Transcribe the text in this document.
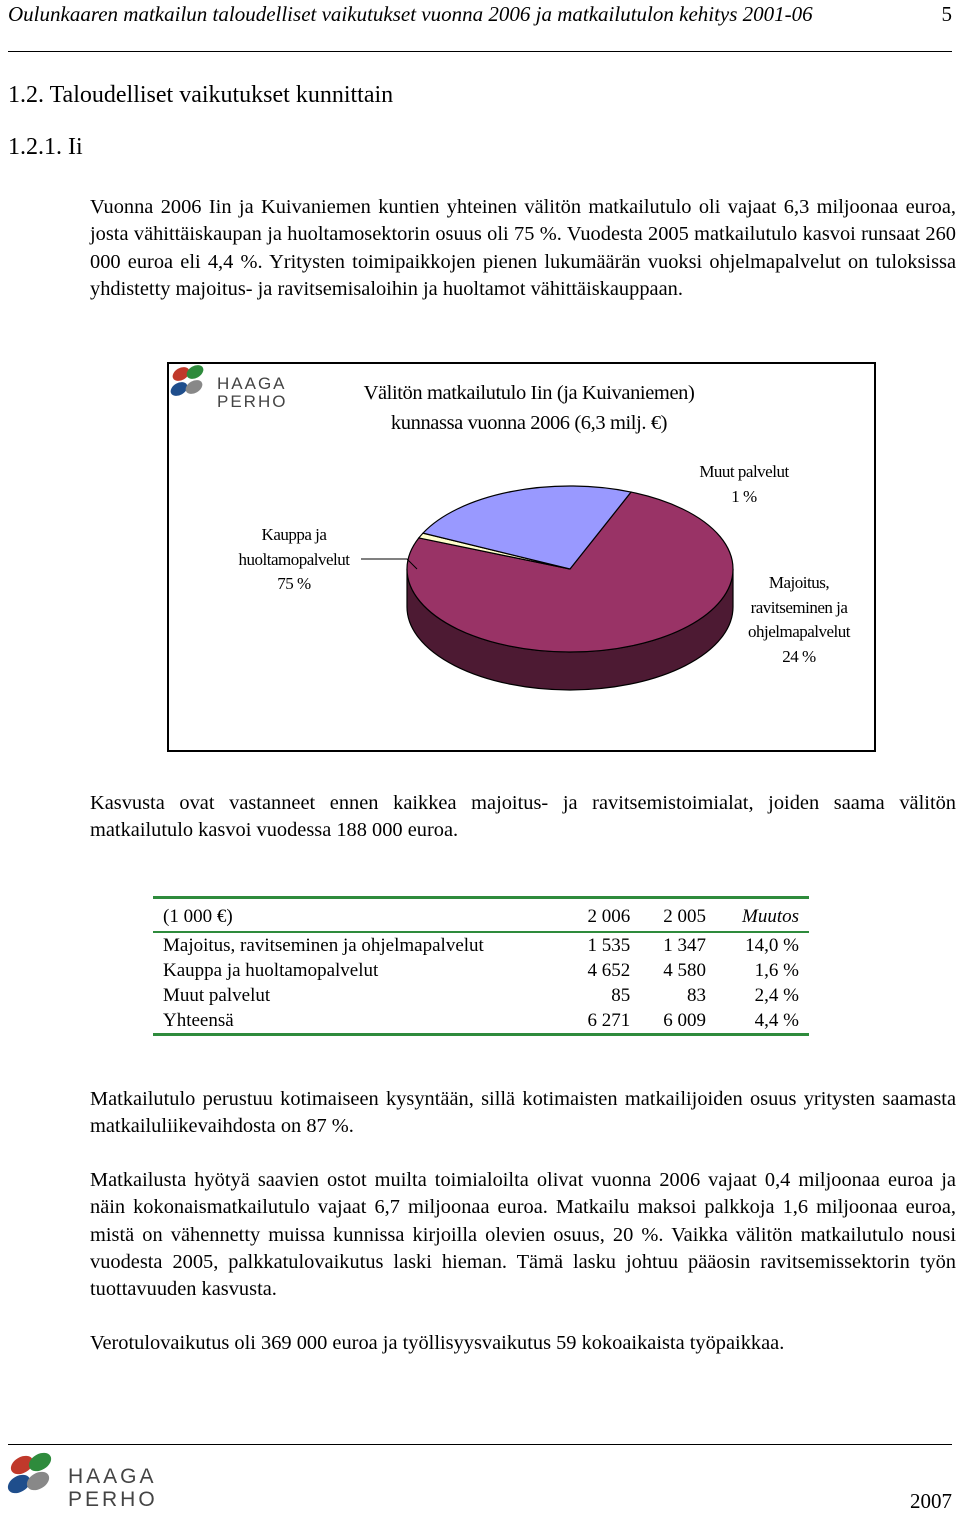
Oulunkaaren matkailun taloudelliset vaikutukset vuonna 2006 ja matkailutulon kehitys 2001-06	5
1.2. Taloudelliset vaikutukset kunnittain
1.2.1. Ii

Vuonna 2006 Iin ja Kuivaniemen kuntien yhteinen välitön matkailutulo oli vajaat 6,3 miljoonaa euroa, josta vähittäiskaupan ja huoltamosektorin osuus oli 75 %. Vuodesta 2005 matkailutulo kasvoi runsaat 260 000 euroa eli 4,4 %. Yritysten toimipaikkojen pienen lukumäärän vuoksi ohjelmapalvelut on tuloksissa yhdistetty majoitus- ja ravitsemisaloihin ja huoltamot vähittäiskauppaan.

HAAGA
PERHO	Välitön matkailutulo Iin (ja Kuivaniemen)
kunnassa vuonna 2006 (6,3 milj. €)
Kauppa ja
huoltamopalvelut
75 %
Muut palvelut
1 %
Majoitus,
ravitseminen ja
ohjelmapalvelut
24 %

Kasvusta ovat vastanneet ennen kaikkea majoitus- ja ravitsemistoimialat, joiden saama välitön matkailutulo kasvoi vuodessa 188 000 euroa.

(1 000 €)	2 006	2 005	Muutos
Majoitus, ravitseminen ja ohjelmapalvelut	1 535	1 347	14,0 %
Kauppa ja huoltamopalvelut	4 652	4 580	1,6 %
Muut palvelut	85	83	2,4 %
Yhteensä	6 271	6 009	4,4 %

Matkailutulo perustuu kotimaiseen kysyntään, sillä kotimaisten matkailijoiden osuus yritysten saamasta matkailuliikevaihdosta on 87 %.

Matkailusta hyötyä saavien ostot muilta toimialoilta olivat vuonna 2006 vajaat 0,4 miljoonaa euroa ja näin kokonaismatkailutulo vajaat 6,7 miljoonaa euroa. Matkailu maksoi palkkoja 1,6 miljoonaa euroa, mistä on vähennetty muissa kunnissa kirjoilla olevien osuus, 20 %. Vaikka välitön matkailutulo nousi vuodesta 2005, palkkatulovaikutus laski hieman. Tämä lasku johtuu pääosin ravitsemissektorin työn tuottavuuden kasvusta.

Verotulovaikutus oli 369 000 euroa ja työllisyysvaikutus 59 kokoaikaista työpaikkaa.

HAAGA
PERHO	2007
